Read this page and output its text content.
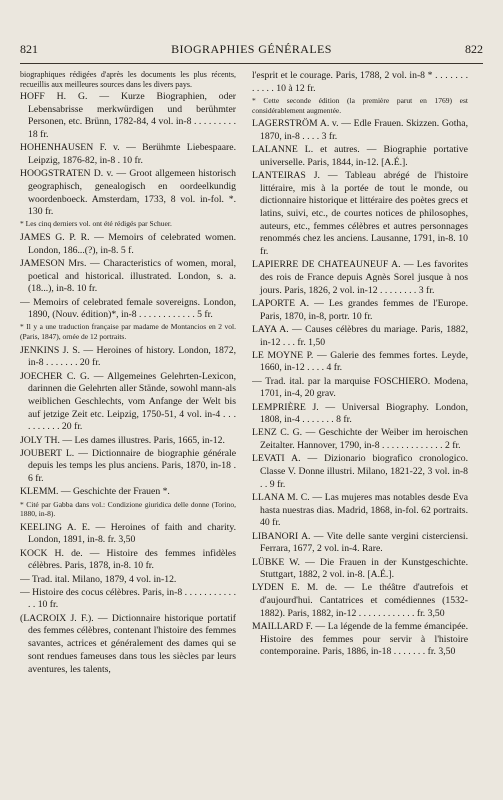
821	BIOGRAPHIES GÉNÉRALES	822

biographiques rédigées d'après les documents les plus récents, recueillis aux meilleures sources dans les divers pays.

HOFF H. G. — Kurze Biographien, oder Lebensabrisse merkwürdigen und berühmter Personen, etc. Brünn, 1782-84, 4 vol. in-8 . . . . . . . . . 18 fr.

HOHENHAUSEN F. v. — Berühmte Liebespaare. Leipzig, 1876-82, in-8 . 10 fr.

HOOGSTRATEN D. v. — Groot allgemeen historisch geographisch, genealogisch en oordeelkundig woordenboeck. Amsterdam, 1733, 8 vol. in-fol. *. 130 fr.

* Les cinq derniers vol. ont été rédigés par Schuer.

JAMES G. P. R. — Memoirs of celebrated women. London, 186...(?), in-8. 5 f.

JAMESON Mrs. — Characteristics of women, moral, poetical and historical. illustrated. London, s. a.(18...), in-8. 10 fr.

— Memoirs of celebrated female sovereigns. London, 1890, (Nouv. édition)*, in-8 . . . . . . . . . . . . 5 fr.

* Il y a une traduction française par madame de Montancios en 2 vol. (Paris, 1847), ornée de 12 portraits.

JENKINS J. S. — Heroines of history. London, 1872, in-8 . . . . . . . 20 fr.

JOECHER C. G. — Allgemeines Gelehrten-Lexicon, darinnen die Gelehrten aller Stände, sowohl mann-als weiblichen Geschlechts, vom Anfange der Welt bis auf jetzige Zeit etc. Leipzig, 1750-51, 4 vol. in-4 . . . . . . . . . . 20 fr.

JOLY TH. — Les dames illustres. Paris, 1665, in-12.

JOUBERT L. — Dictionnaire de biographie générale depuis les temps les plus anciens. Paris, 1870, in-18 . 6 fr.

KLEMM. — Geschichte der Frauen *.

* Cité par Gabba dans vol.: Condizione giuridica delle donne (Torino, 1880, in-8).

KEELING A. E. — Heroines of faith and charity. London, 1891, in-8. fr. 3,50

KOCK H. de. — Histoire des femmes infidèles célèbres. Paris, 1878, in-8. 10 fr.

— Trad. ital. Milano, 1879, 4 vol. in-12.

— Histoire des cocus célèbres. Paris, in-8 . . . . . . . . . . . . . 10 fr.

(LACROIX J. F.). — Dictionnaire historique portatif des femmes célèbres, contenant l'histoire des femmes savantes, actrices et généralement des dames qui se sont rendues fameuses dans tous les siècles par leurs aventures, les talents,

l'esprit et le courage. Paris, 1788, 2 vol. in-8 * . . . . . . . . . . . . 10 à 12 fr.

* Cette seconde édition (la première parut en 1769) est considérablement augmentée.

LAGERSTRÖM A. v. — Edle Frauen. Skizzen. Gotha, 1870, in-8 . . . . 3 fr.

LALANNE L. et autres. — Biographie portative universelle. Paris, 1844, in-12. [A.É.].

LANTEIRAS J. — Tableau abrégé de l'histoire littéraire, mis à la portée de tout le monde, ou dictionnaire historique et littéraire des poètes grecs et latins, suivi, etc., de courtes notices de philosophes, auteurs, etc., femmes célèbres et autres personnages renommés chez les anciens. Lausanne, 1791, in-8. 10 fr.

LAPIERRE DE CHATEAUNEUF A. — Les favorites des rois de France depuis Agnès Sorel jusque à nos jours. Paris, 1826, 2 vol. in-12 . . . . . . . . 3 fr.

LAPORTE A. — Les grandes femmes de l'Europe. Paris, 1870, in-8, portr. 10 fr.

LAYA A. — Causes célèbres du mariage. Paris, 1882, in-12 . . . fr. 1,50

LE MOYNE P. — Galerie des femmes fortes. Leyde, 1660, in-12 . . . . 4 fr.

— Trad. ital. par la marquise FOSCHIERO. Modena, 1701, in-4, 20 grav.

LEMPRIÈRE J. — Universal Biography. London, 1808, in-4 . . . . . . . 8 fr.

LENZ C. G. — Geschichte der Weiber im heroischen Zeitalter. Hannover, 1790, in-8 . . . . . . . . . . . . . 2 fr.

LEVATI A. — Dizionario biografico cronologico. Classe V. Donne illustri. Milano, 1821-22, 3 vol. in-8 . . 9 fr.

LLANA M. C. — Las mujeres mas notables desde Eva hasta nuestras dias. Madrid, 1868, in-fol. 62 portraits. 40 fr.

LIBANORI A. — Vite delle sante vergini cisterciensi. Ferrara, 1677, 2 vol. in-4. Rare.

LÜBKE W. — Die Frauen in der Kunstgeschichte. Stuttgart, 1882, 2 vol. in-8. [A.É.].

LYDEN E. M. de. — Le théâtre d'autrefois et d'aujourd'hui. Cantatrices et comédiennes (1532-1882). Paris, 1882, in-12 . . . . . . . . . . . . fr. 3,50

MAILLARD F. — La légende de la femme émancipée. Histoire des femmes pour servir à l'histoire contemporaine. Paris, 1886, in-18 . . . . . . . fr. 3,50
